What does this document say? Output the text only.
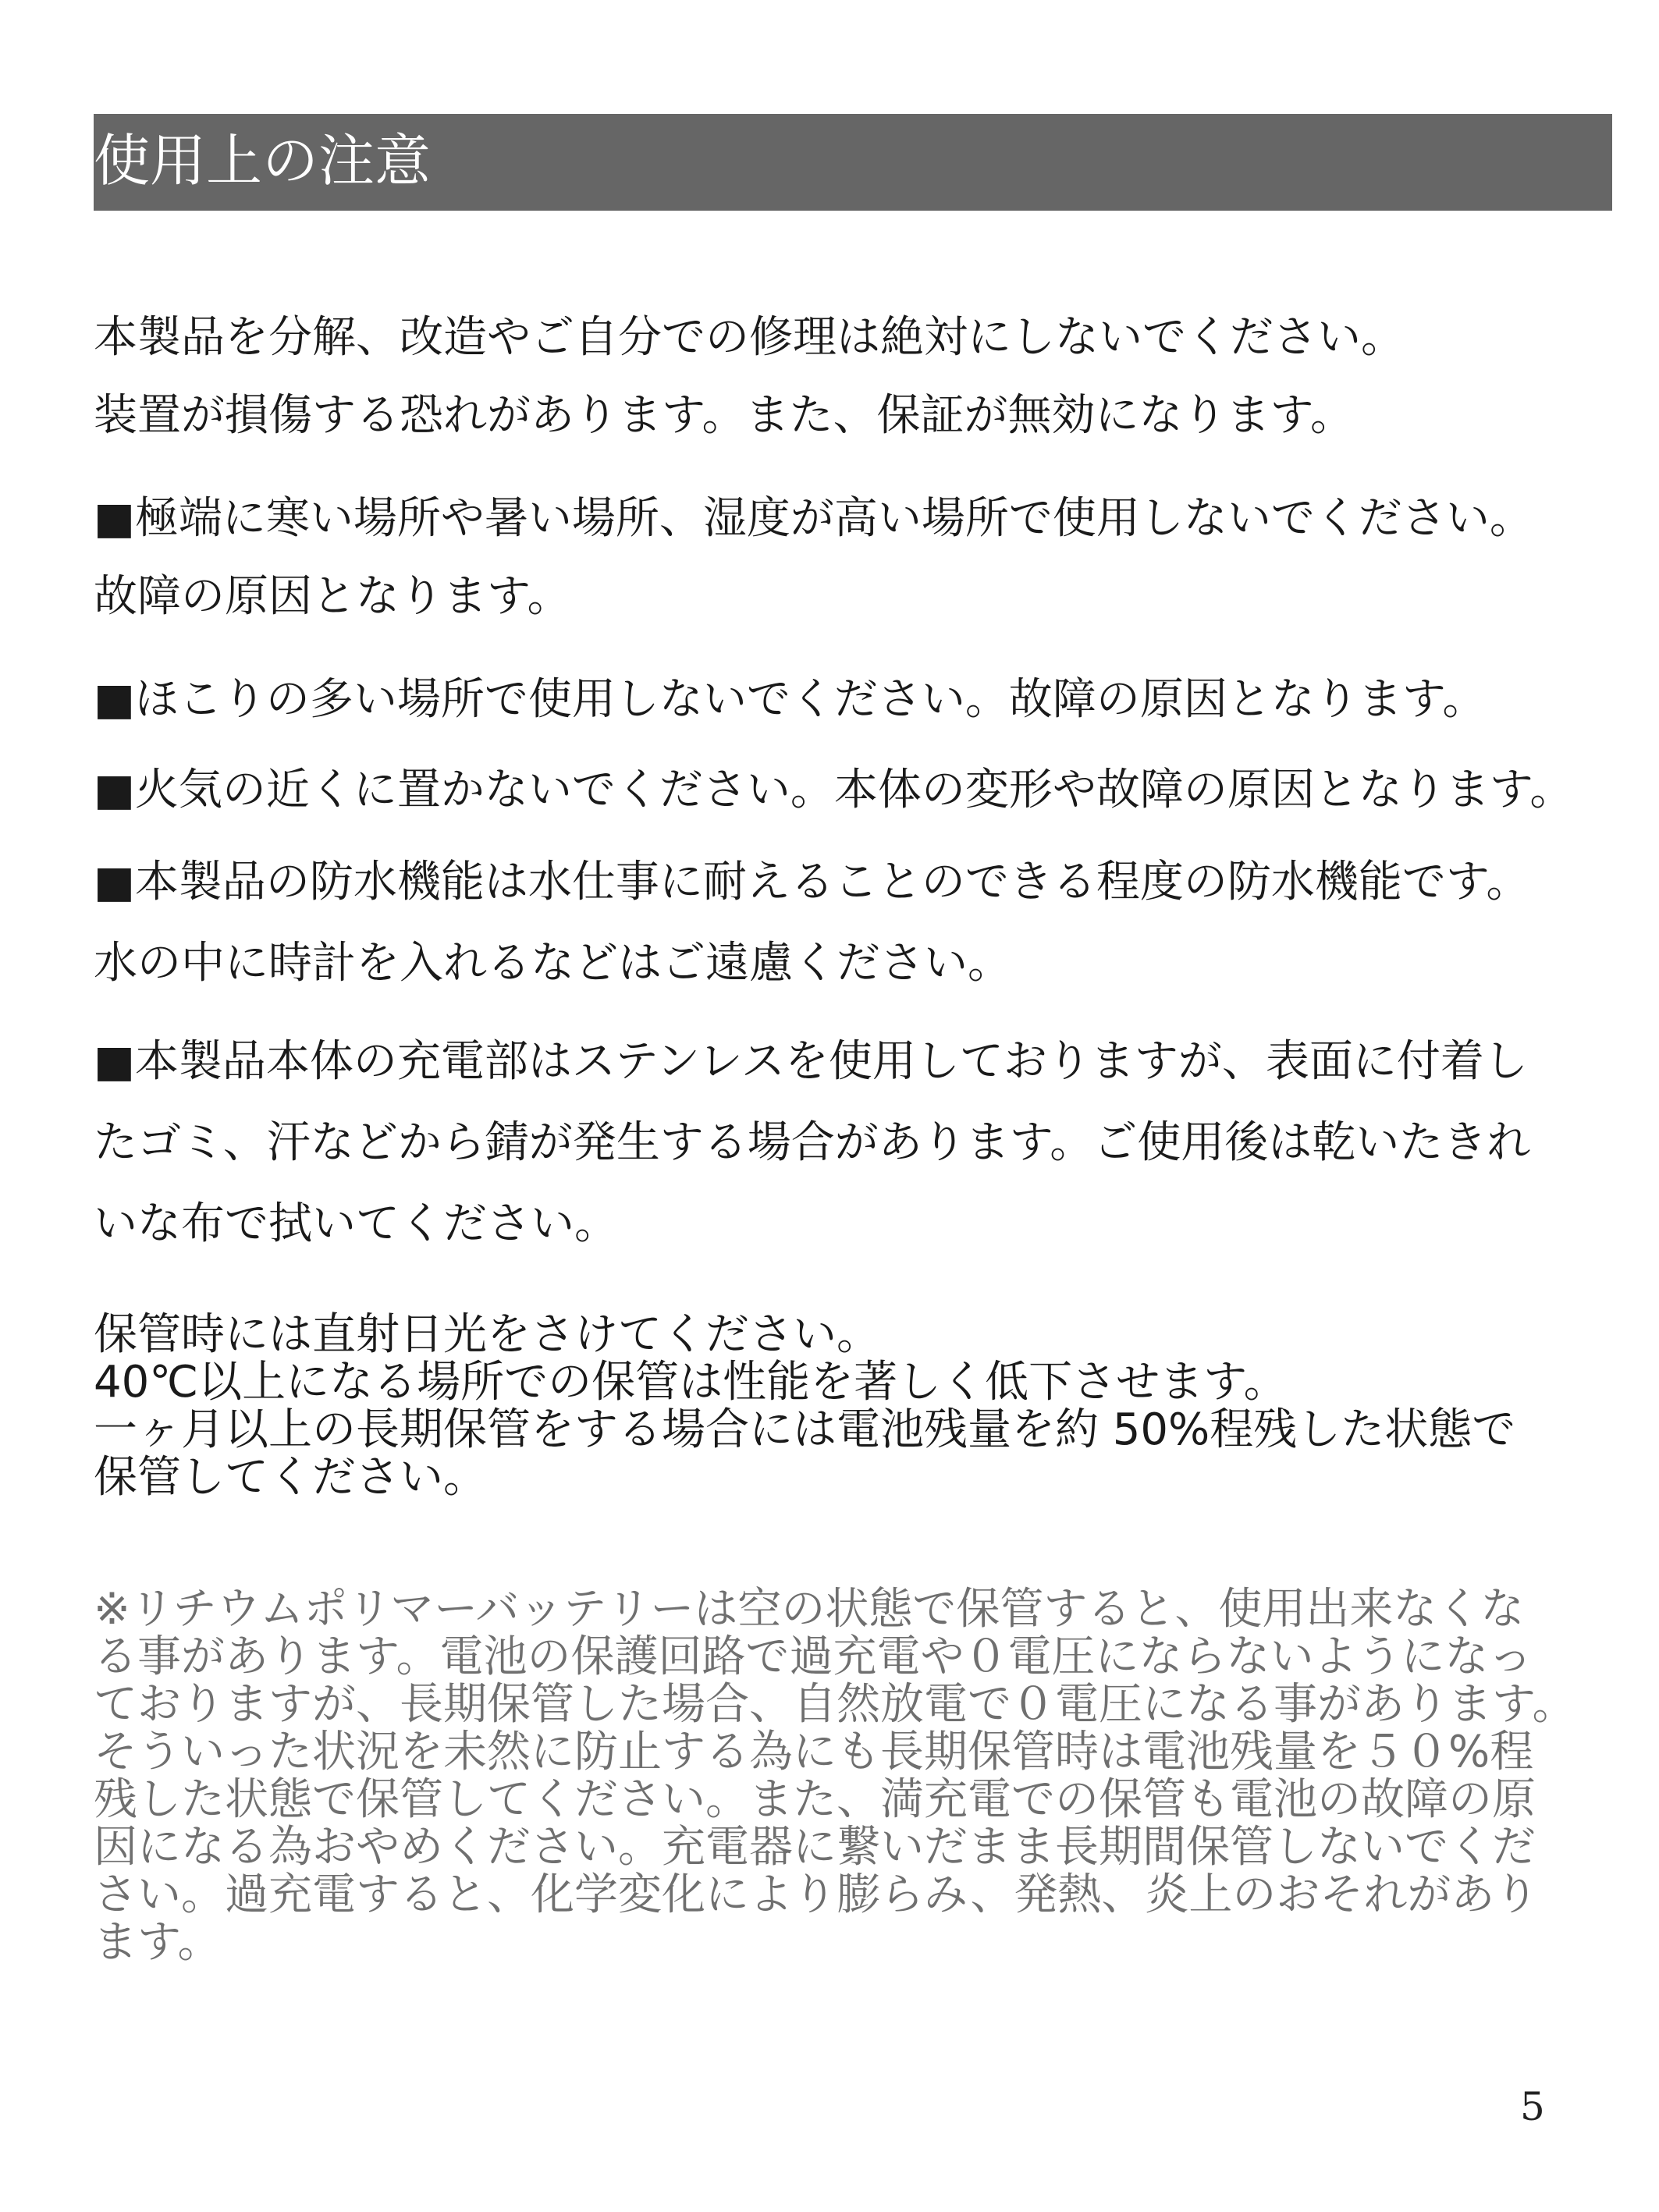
使用上の注意
本製品を分解、改造やご自分での修理は絶対にしないでください。
装置が損傷する恐れがあります。また、保証が無効になります。
■極端に寒い場所や暑い場所、湿度が高い場所で使用しないでください。
故障の原因となります。
■ほこりの多い場所で使用しないでください。故障の原因となります。
■火気の近くに置かないでください。本体の変形や故障の原因となります。
■本製品の防水機能は水仕事に耐えることのできる程度の防水機能です。
水の中に時計を入れるなどはご遠慮ください。
■本製品本体の充電部はステンレスを使用しておりますが、表面に付着し
たゴミ、汗などから錆が発生する場合があります。ご使用後は乾いたきれ
いな布で拭いてください。
保管時には直射日光をさけてください。
40℃以上になる場所での保管は性能を著しく低下させます。
一ヶ月以上の長期保管をする場合には電池残量を約 50%程残した状態で
保管してください。
※リチウムポリマーバッテリーは空の状態で保管すると、使用出来なくな
る事があります。電池の保護回路で過充電や０電圧にならないようになっ
ておりますが、長期保管した場合、自然放電で０電圧になる事があります。
そういった状況を未然に防止する為にも長期保管時は電池残量を５０%程
残した状態で保管してください。また、満充電での保管も電池の故障の原
因になる為おやめください。充電器に繋いだまま長期間保管しないでくだ
さい。過充電すると、化学変化により膨らみ、発熱、炎上のおそれがあり
ます。
5
